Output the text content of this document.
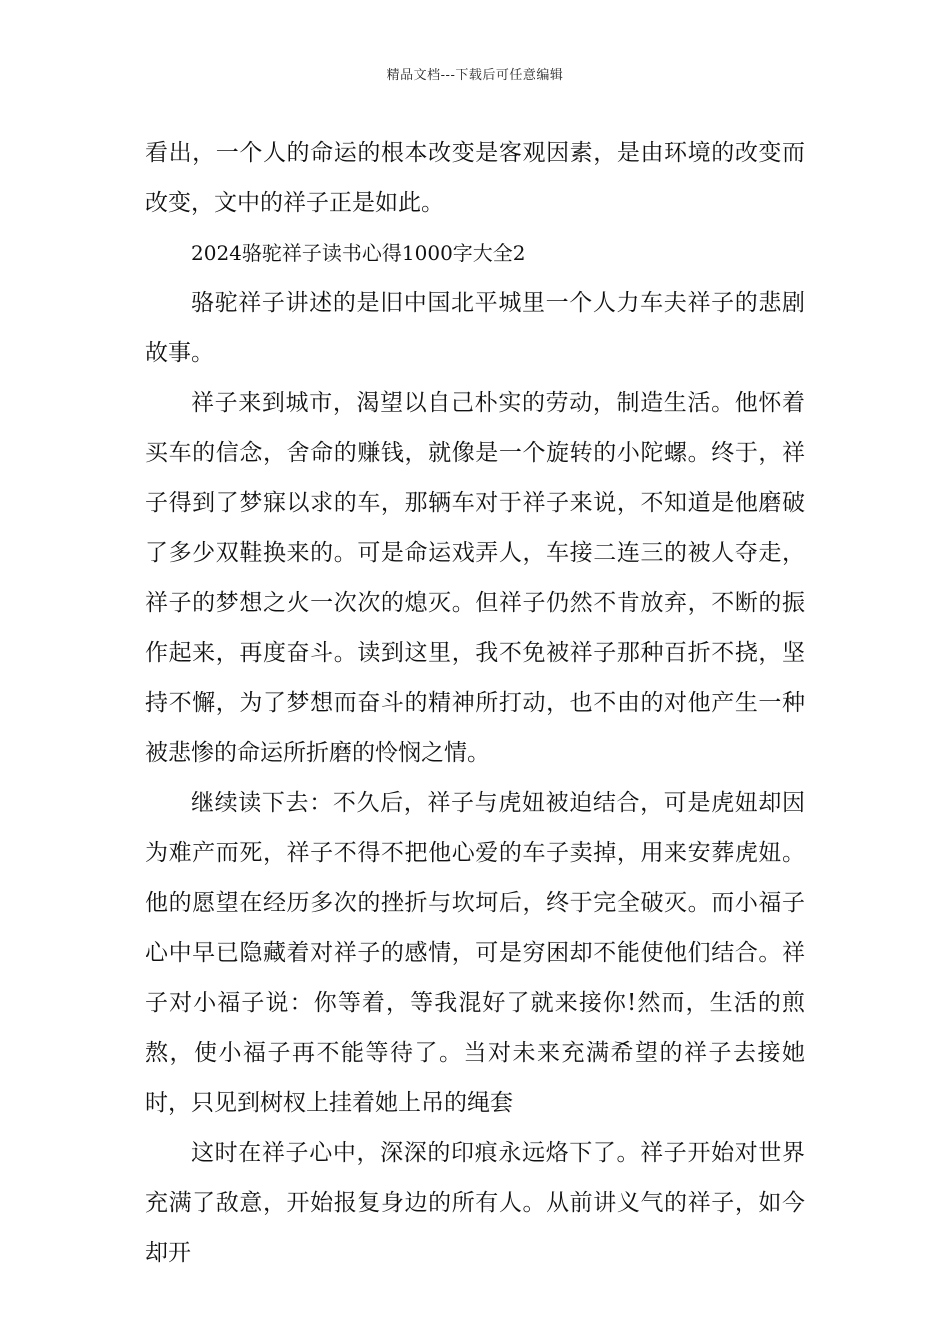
精品文档---下载后可任意编辑

看出，一个人的命运的根本改变是客观因素，是由环境的改变而改变，文中的祥子正是如此。

2024骆驼祥子读书心得1000字大全2

骆驼祥子讲述的是旧中国北平城里一个人力车夫祥子的悲剧故事。

祥子来到城市，渴望以自己朴实的劳动，制造生活。他怀着买车的信念，舍命的赚钱，就像是一个旋转的小陀螺。终于，祥子得到了梦寐以求的车，那辆车对于祥子来说，不知道是他磨破了多少双鞋换来的。可是命运戏弄人，车接二连三的被人夺走，祥子的梦想之火一次次的熄灭。但祥子仍然不肯放弃，不断的振作起来，再度奋斗。读到这里，我不免被祥子那种百折不挠，坚持不懈，为了梦想而奋斗的精神所打动，也不由的对他产生一种被悲惨的命运所折磨的怜悯之情。

继续读下去：不久后，祥子与虎妞被迫结合，可是虎妞却因为难产而死，祥子不得不把他心爱的车子卖掉，用来安葬虎妞。他的愿望在经历多次的挫折与坎坷后，终于完全破灭。而小福子心中早已隐藏着对祥子的感情，可是穷困却不能使他们结合。祥子对小福子说：你等着，等我混好了就来接你!然而，生活的煎熬，使小福子再不能等待了。当对未来充满希望的祥子去接她时，只见到树杈上挂着她上吊的绳套

这时在祥子心中，深深的印痕永远烙下了。祥子开始对世界充满了敌意，开始报复身边的所有人。从前讲义气的祥子，如今却开
